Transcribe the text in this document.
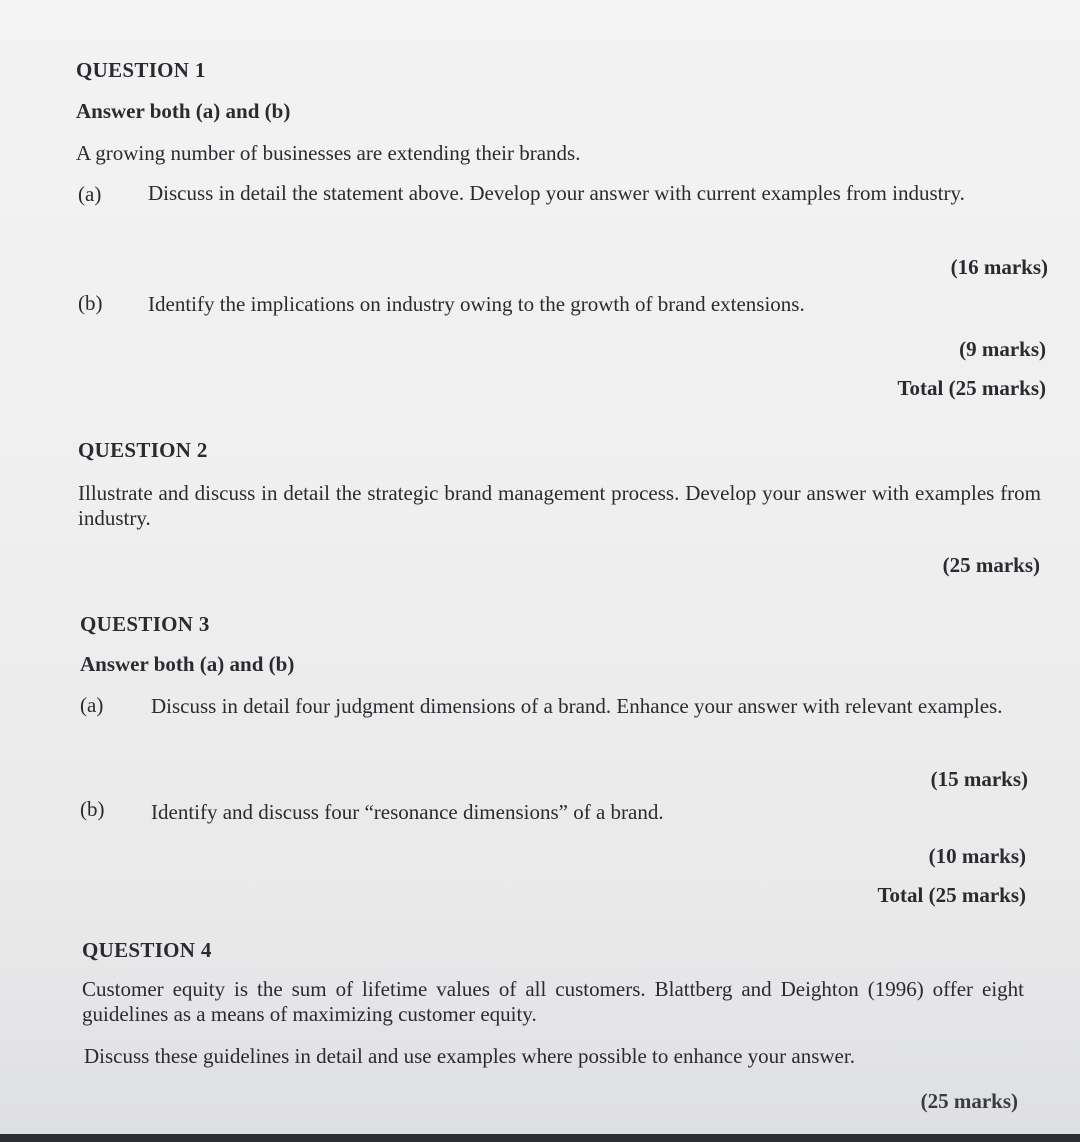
QUESTION 1
Answer both (a) and (b)
A growing number of businesses are extending their brands.
(a) Discuss in detail the statement above. Develop your answer with current examples from industry.

(16 marks)
(b) Identify the implications on industry owing to the growth of brand extensions.
(9 marks)
Total (25 marks)
QUESTION 2

Illustrate and discuss in detail the strategic brand management process. Develop your answer with examples from industry.

(25 marks)
QUESTION 3
Answer both (a) and (b)
(a) Discuss in detail four judgment dimensions of a brand. Enhance your answer with relevant examples.

(15 marks)
(b) Identify and discuss four “resonance dimensions” of a brand.
(10 marks)
Total (25 marks)
QUESTION 4

Customer equity is the sum of lifetime values of all customers. Blattberg and Deighton (1996) offer eight guidelines as a means of maximizing customer equity.

Discuss these guidelines in detail and use examples where possible to enhance your answer.
(25 marks)
